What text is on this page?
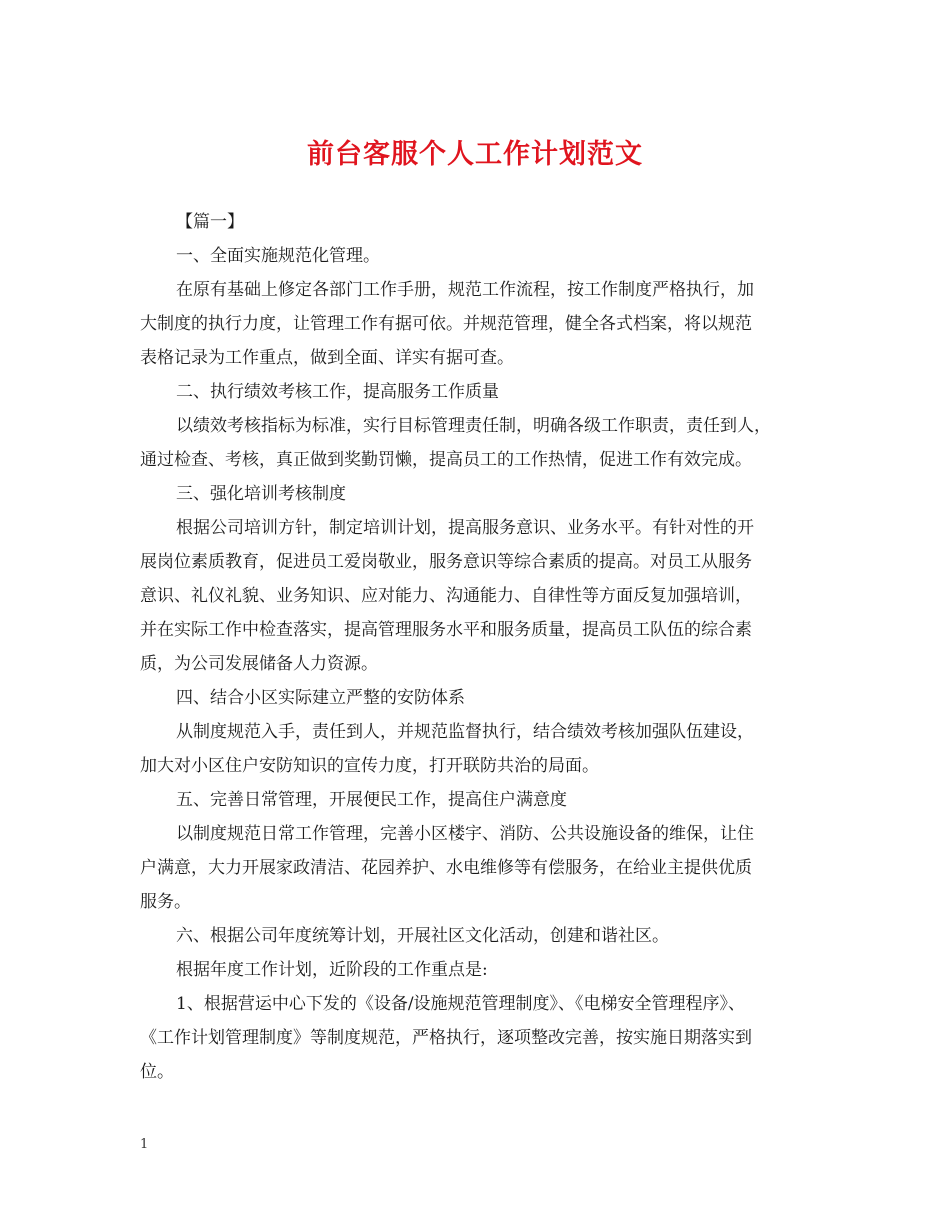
前台客服个人工作计划范文
【篇一】
一、全面实施规范化管理。
在原有基础上修定各部门工作手册，规范工作流程，按工作制度严格执行，加
大制度的执行力度，让管理工作有据可依。并规范管理，健全各式档案，将以规范
表格记录为工作重点，做到全面、详实有据可查。
二、执行绩效考核工作，提高服务工作质量
以绩效考核指标为标准，实行目标管理责任制，明确各级工作职责，责任到人，
通过检查、考核，真正做到奖勤罚懒，提高员工的工作热情，促进工作有效完成。
三、强化培训考核制度
根据公司培训方针，制定培训计划，提高服务意识、业务水平。有针对性的开
展岗位素质教育，促进员工爱岗敬业，服务意识等综合素质的提高。对员工从服务
意识、礼仪礼貌、业务知识、应对能力、沟通能力、自律性等方面反复加强培训，
并在实际工作中检查落实，提高管理服务水平和服务质量，提高员工队伍的综合素
质，为公司发展储备人力资源。
四、结合小区实际建立严整的安防体系
从制度规范入手，责任到人，并规范监督执行，结合绩效考核加强队伍建设，
加大对小区住户安防知识的宣传力度，打开联防共治的局面。
五、完善日常管理，开展便民工作，提高住户满意度
以制度规范日常工作管理，完善小区楼宇、消防、公共设施设备的维保，让住
户满意，大力开展家政清洁、花园养护、水电维修等有偿服务，在给业主提供优质
服务。
六、根据公司年度统筹计划，开展社区文化活动，创建和谐社区。
根据年度工作计划，近阶段的工作重点是:
1、根据营运中心下发的《设备/设施规范管理制度》、《电梯安全管理程序》、
《工作计划管理制度》等制度规范，严格执行，逐项整改完善，按实施日期落实到
位。
1
